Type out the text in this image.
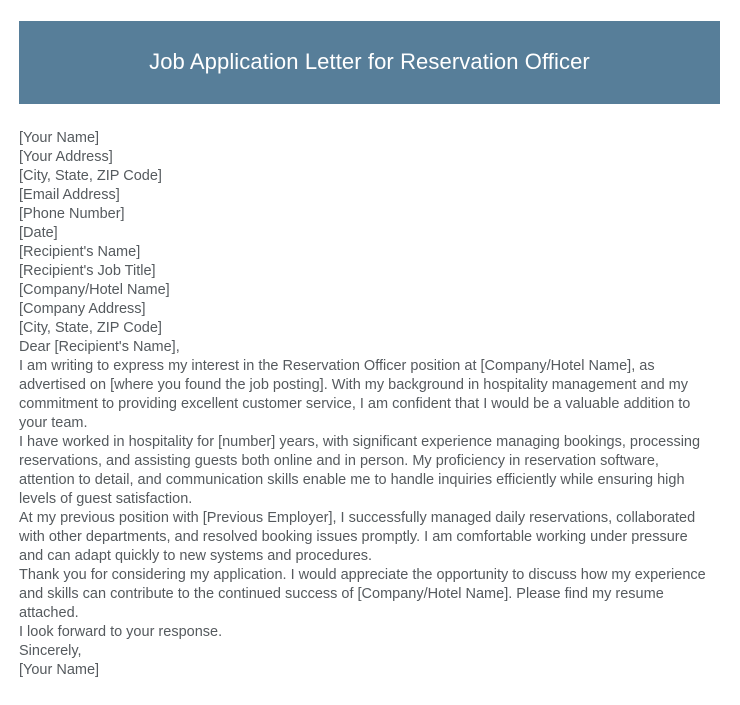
Job Application Letter for Reservation Officer
[Your Name]
[Your Address]
[City, State, ZIP Code]
[Email Address]
[Phone Number]
[Date]
[Recipient's Name]
[Recipient's Job Title]
[Company/Hotel Name]
[Company Address]
[City, State, ZIP Code]
Dear [Recipient's Name],
I am writing to express my interest in the Reservation Officer position at [Company/Hotel Name], as advertised on [where you found the job posting]. With my background in hospitality management and my commitment to providing excellent customer service, I am confident that I would be a valuable addition to your team.
I have worked in hospitality for [number] years, with significant experience managing bookings, processing reservations, and assisting guests both online and in person. My proficiency in reservation software, attention to detail, and communication skills enable me to handle inquiries efficiently while ensuring high levels of guest satisfaction.
At my previous position with [Previous Employer], I successfully managed daily reservations, collaborated with other departments, and resolved booking issues promptly. I am comfortable working under pressure and can adapt quickly to new systems and procedures.
Thank you for considering my application. I would appreciate the opportunity to discuss how my experience and skills can contribute to the continued success of [Company/Hotel Name]. Please find my resume attached.
I look forward to your response.
Sincerely,
[Your Name]
